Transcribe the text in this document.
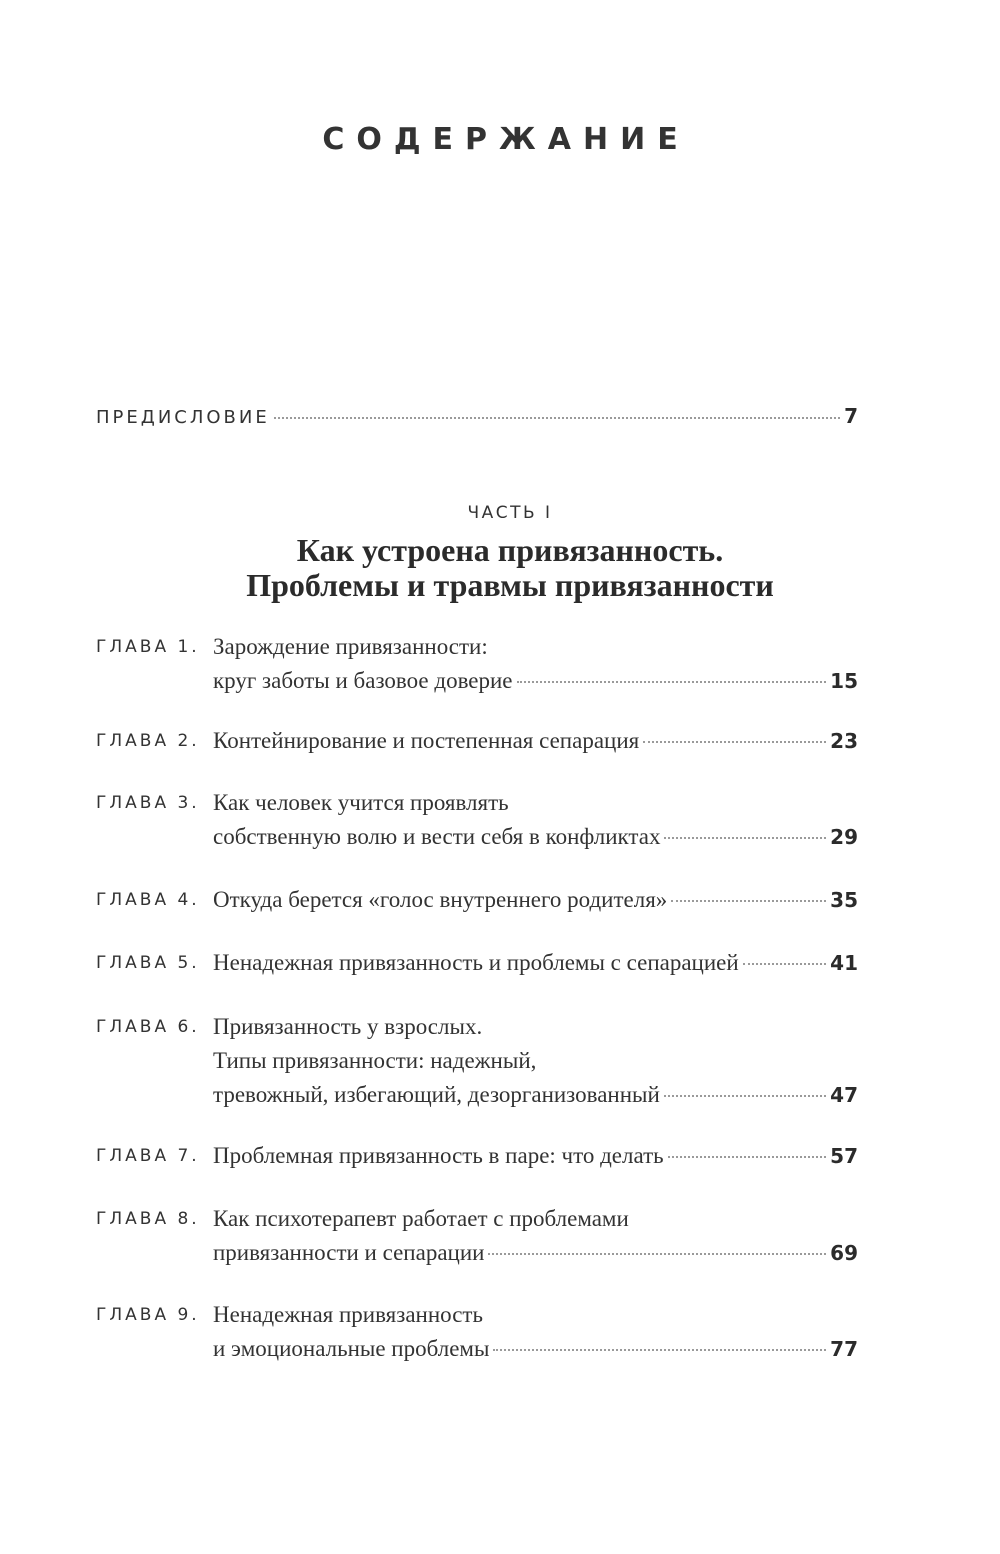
СОДЕРЖАНИЕ
ПРЕДИСЛОВИЕ	7
ЧАСТЬ I
Как устроена привязанность.
Проблемы и травмы привязанности
ГЛАВА 1. Зарождение привязанности:
круг заботы и базовое доверие	15
ГЛАВА 2. Контейнирование и постепенная сепарация	23
ГЛАВА 3. Как человек учится проявлять
собственную волю и вести себя в конфликтах	29
ГЛАВА 4. Откуда берется «голос внутреннего родителя»	35
ГЛАВА 5. Ненадежная привязанность и проблемы с сепарацией	41
ГЛАВА 6. Привязанность у взрослых.
Типы привязанности: надежный,
тревожный, избегающий, дезорганизованный	47
ГЛАВА 7. Проблемная привязанность в паре: что делать	57
ГЛАВА 8. Как психотерапевт работает с проблемами
привязанности и сепарации	69
ГЛАВА 9. Ненадежная привязанность
и эмоциональные проблемы	77
